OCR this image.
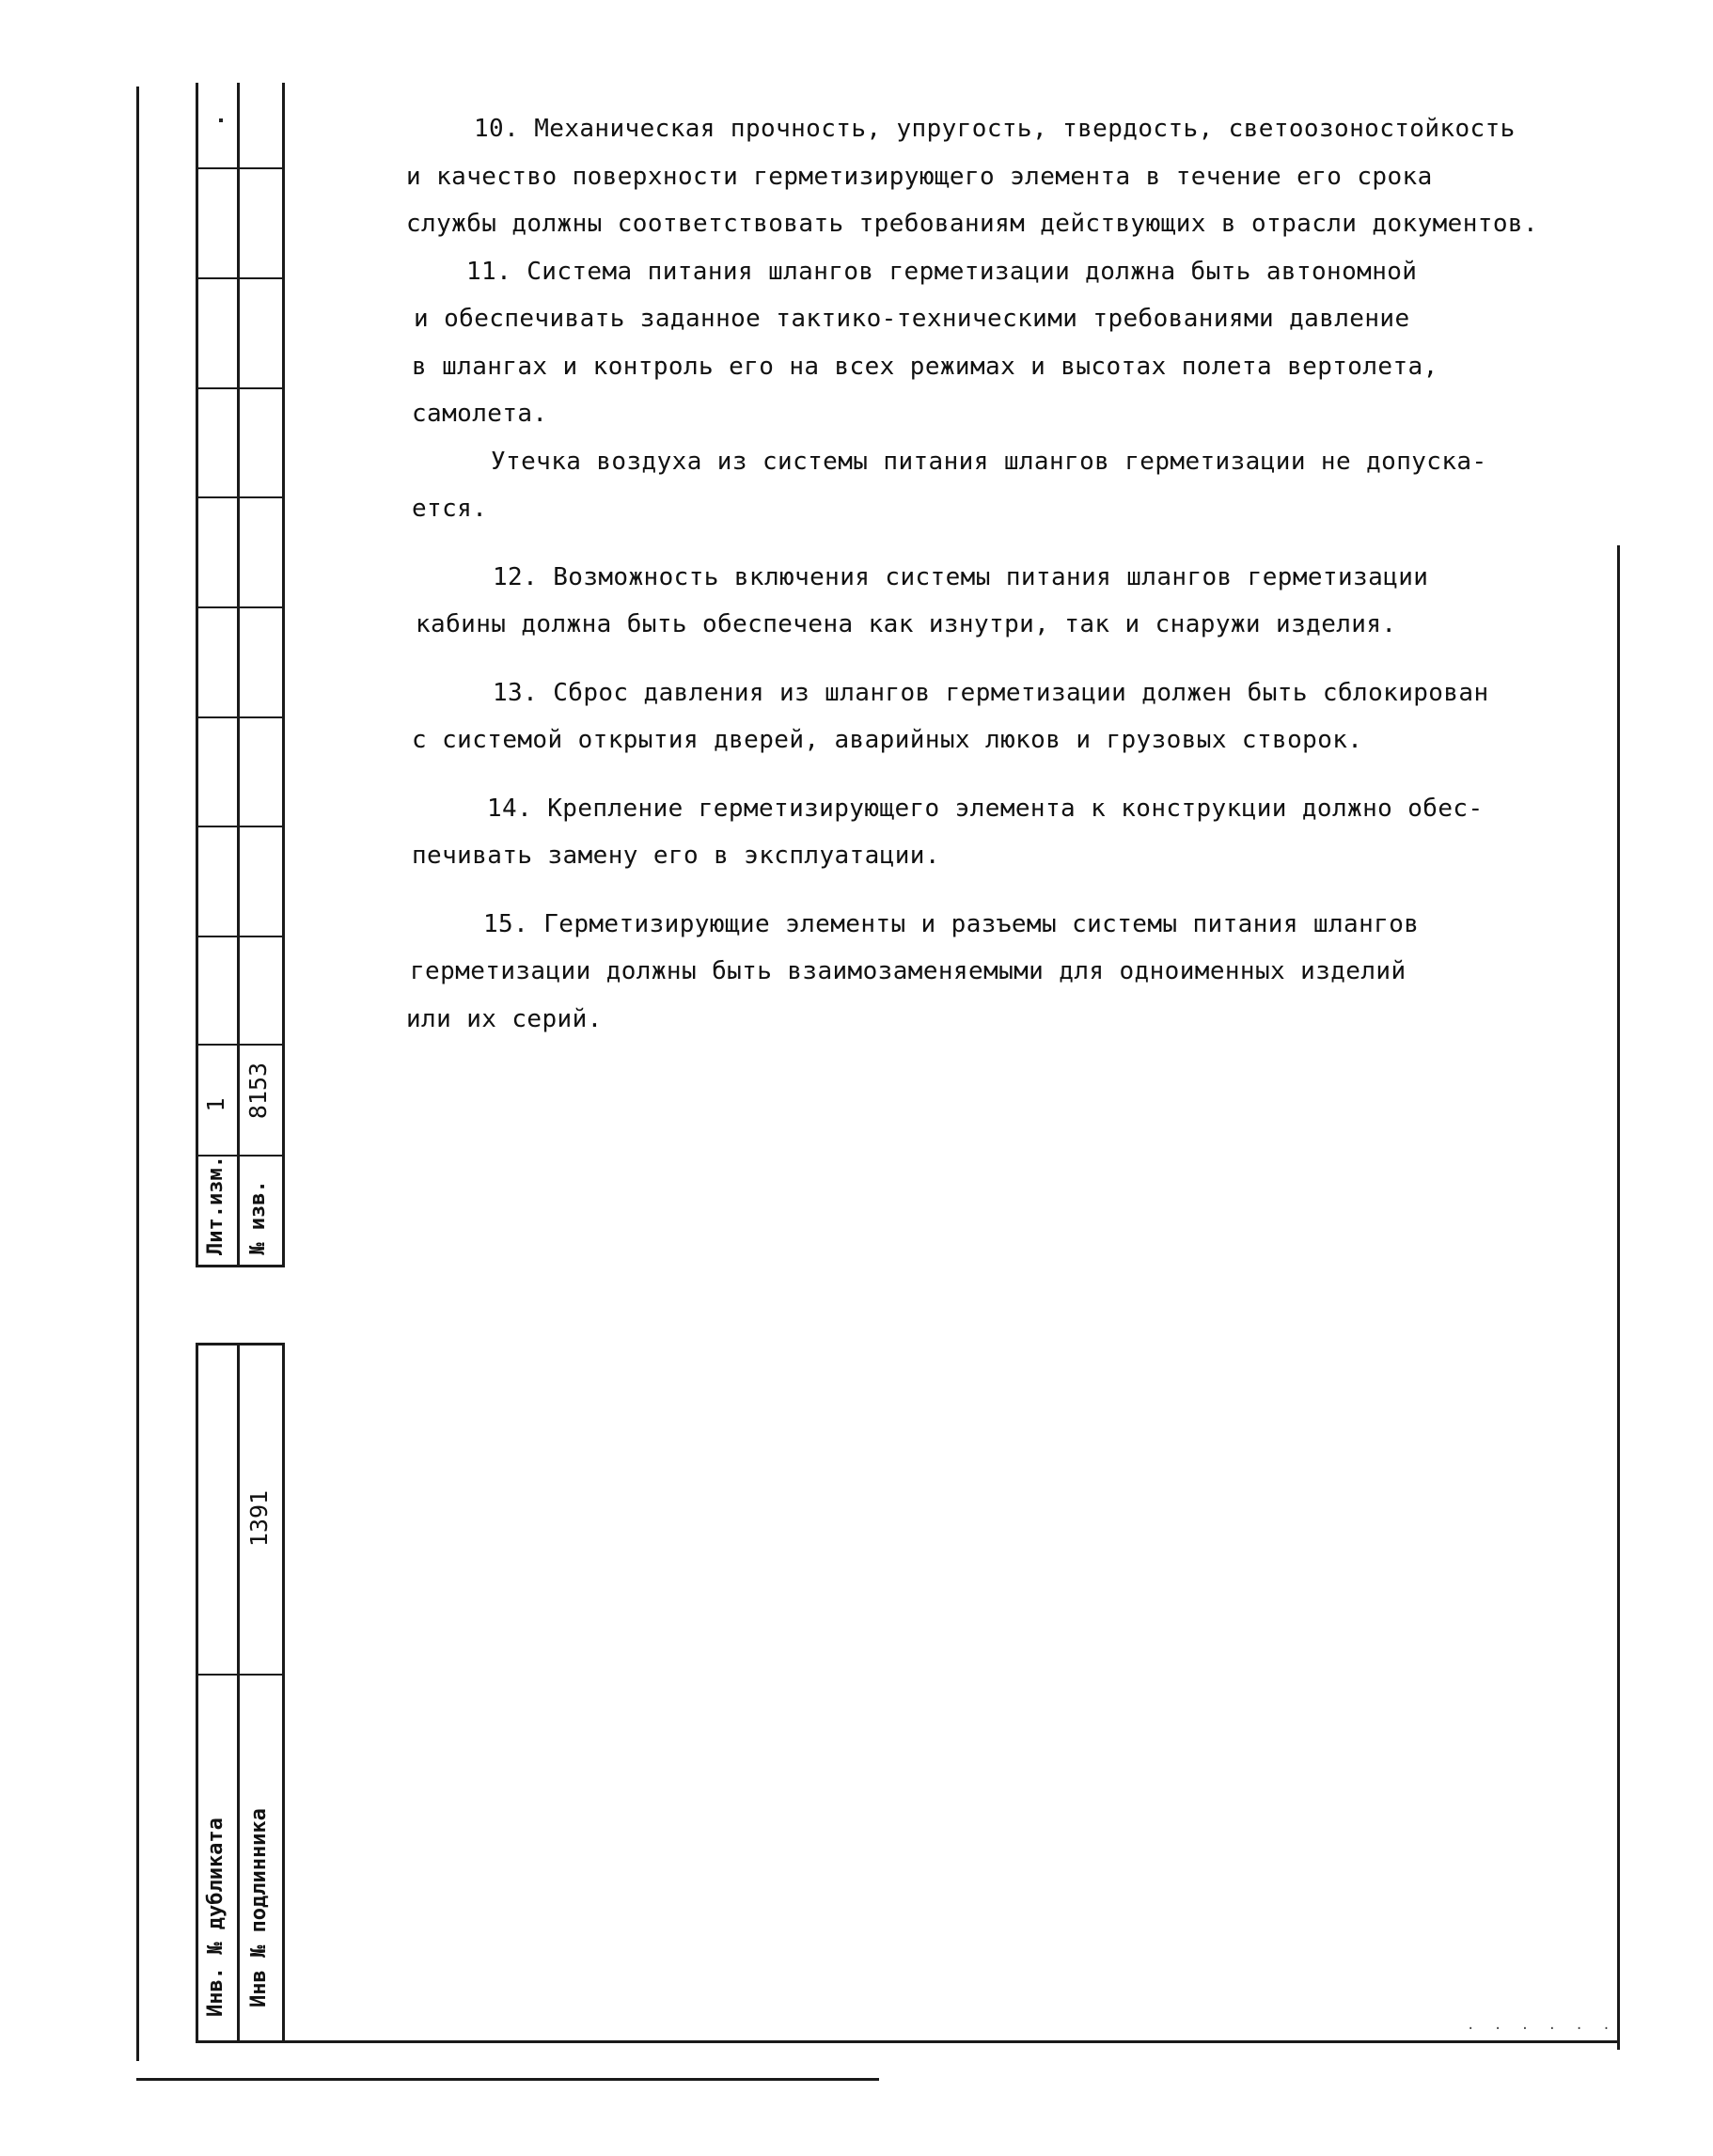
Лит.изм.
1
№ изв.
8153
Инв. № дубликата Инв № подлинника
1391
10. Механическая прочность, упругость, твердость, светоозоностойкость
и качество поверхности герметизирующего элемента в течение его срока
службы должны соответствовать требованиям действующих в отрасли документов.
11. Система питания шлангов герметизации должна быть автономной
и обеспечивать заданное тактико-техническими требованиями давление
в шлангах и контроль его на всех режимах и высотах полета вертолета,
самолета.
Утечка воздуха из системы питания шлангов герметизации не допуска-
ется.
12. Возможность включения системы питания шлангов герметизации
кабины должна быть обеспечена как изнутри, так и снаружи изделия.
13. Сброс давления из шлангов герметизации должен быть сблокирован
с системой открытия дверей, аварийных люков и грузовых створок.
14. Крепление герметизирующего элемента к конструкции должно обес-
печивать замену его в эксплуатации.
15. Герметизирующие элементы и разъемы системы питания шлангов
герметизации должны быть взаимозаменяемыми для одноименных изделий
или их серий.
· · · · · ·
